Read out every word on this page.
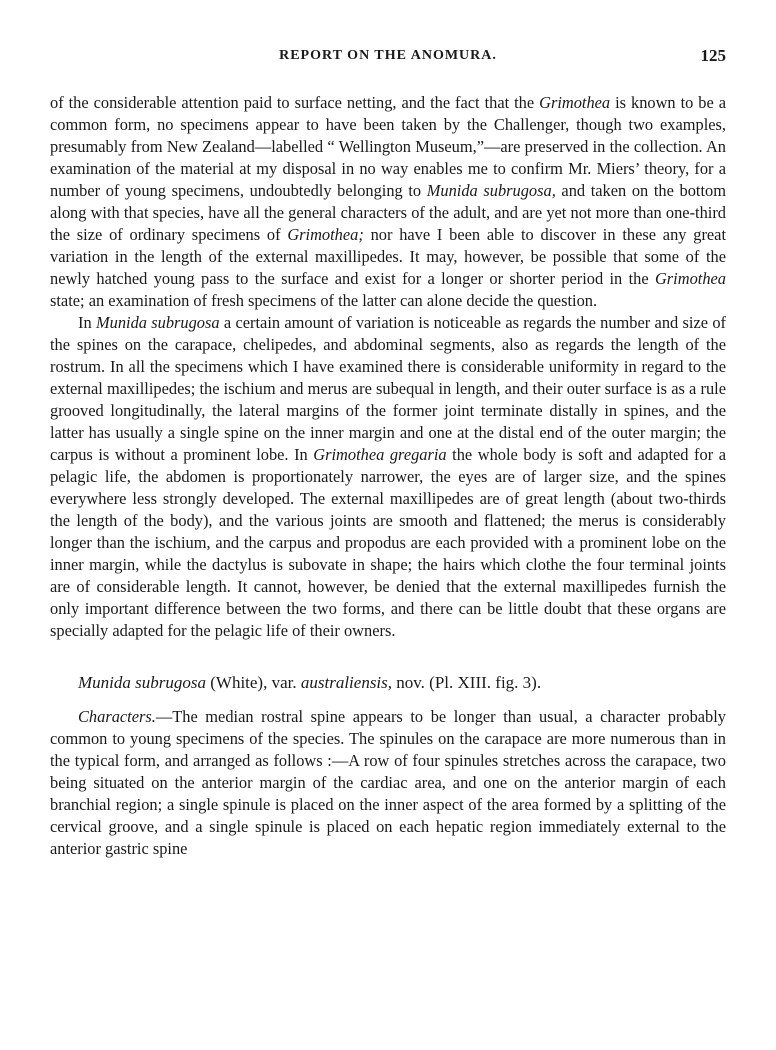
REPORT ON THE ANOMURA.	125

of the considerable attention paid to surface netting, and the fact that the Grimothea is known to be a common form, no specimens appear to have been taken by the Challenger, though two examples, presumably from New Zealand—labelled “ Wellington Museum,”—are preserved in the collection. An examination of the material at my disposal in no way enables me to confirm Mr. Miers’ theory, for a number of young specimens, undoubtedly belonging to Munida subrugosa, and taken on the bottom along with that species, have all the general characters of the adult, and are yet not more than one-third the size of ordinary specimens of Grimothea; nor have I been able to discover in these any great variation in the length of the external maxillipedes. It may, however, be possible that some of the newly hatched young pass to the surface and exist for a longer or shorter period in the Grimothea state; an examination of fresh specimens of the latter can alone decide the question.

In Munida subrugosa a certain amount of variation is noticeable as regards the number and size of the spines on the carapace, chelipedes, and abdominal segments, also as regards the length of the rostrum. In all the specimens which I have examined there is considerable uniformity in regard to the external maxillipedes; the ischium and merus are subequal in length, and their outer surface is as a rule grooved longitudinally, the lateral margins of the former joint terminate distally in spines, and the latter has usually a single spine on the inner margin and one at the distal end of the outer margin; the carpus is without a prominent lobe. In Grimothea gregaria the whole body is soft and adapted for a pelagic life, the abdomen is proportionately narrower, the eyes are of larger size, and the spines everywhere less strongly developed. The external maxillipedes are of great length (about two-thirds the length of the body), and the various joints are smooth and flattened; the merus is considerably longer than the ischium, and the carpus and propodus are each provided with a prominent lobe on the inner margin, while the dactylus is subovate in shape; the hairs which clothe the four terminal joints are of considerable length. It cannot, however, be denied that the external maxillipedes furnish the only important difference between the two forms, and there can be little doubt that these organs are specially adapted for the pelagic life of their owners.

Munida subrugosa (White), var. australiensis, nov. (Pl. XIII. fig. 3).

Characters.—The median rostral spine appears to be longer than usual, a character probably common to young specimens of the species. The spinules on the carapace are more numerous than in the typical form, and arranged as follows :—A row of four spinules stretches across the carapace, two being situated on the anterior margin of the cardiac area, and one on the anterior margin of each branchial region; a single spinule is placed on the inner aspect of the area formed by a splitting of the cervical groove, and a single spinule is placed on each hepatic region immediately external to the anterior gastric spine
